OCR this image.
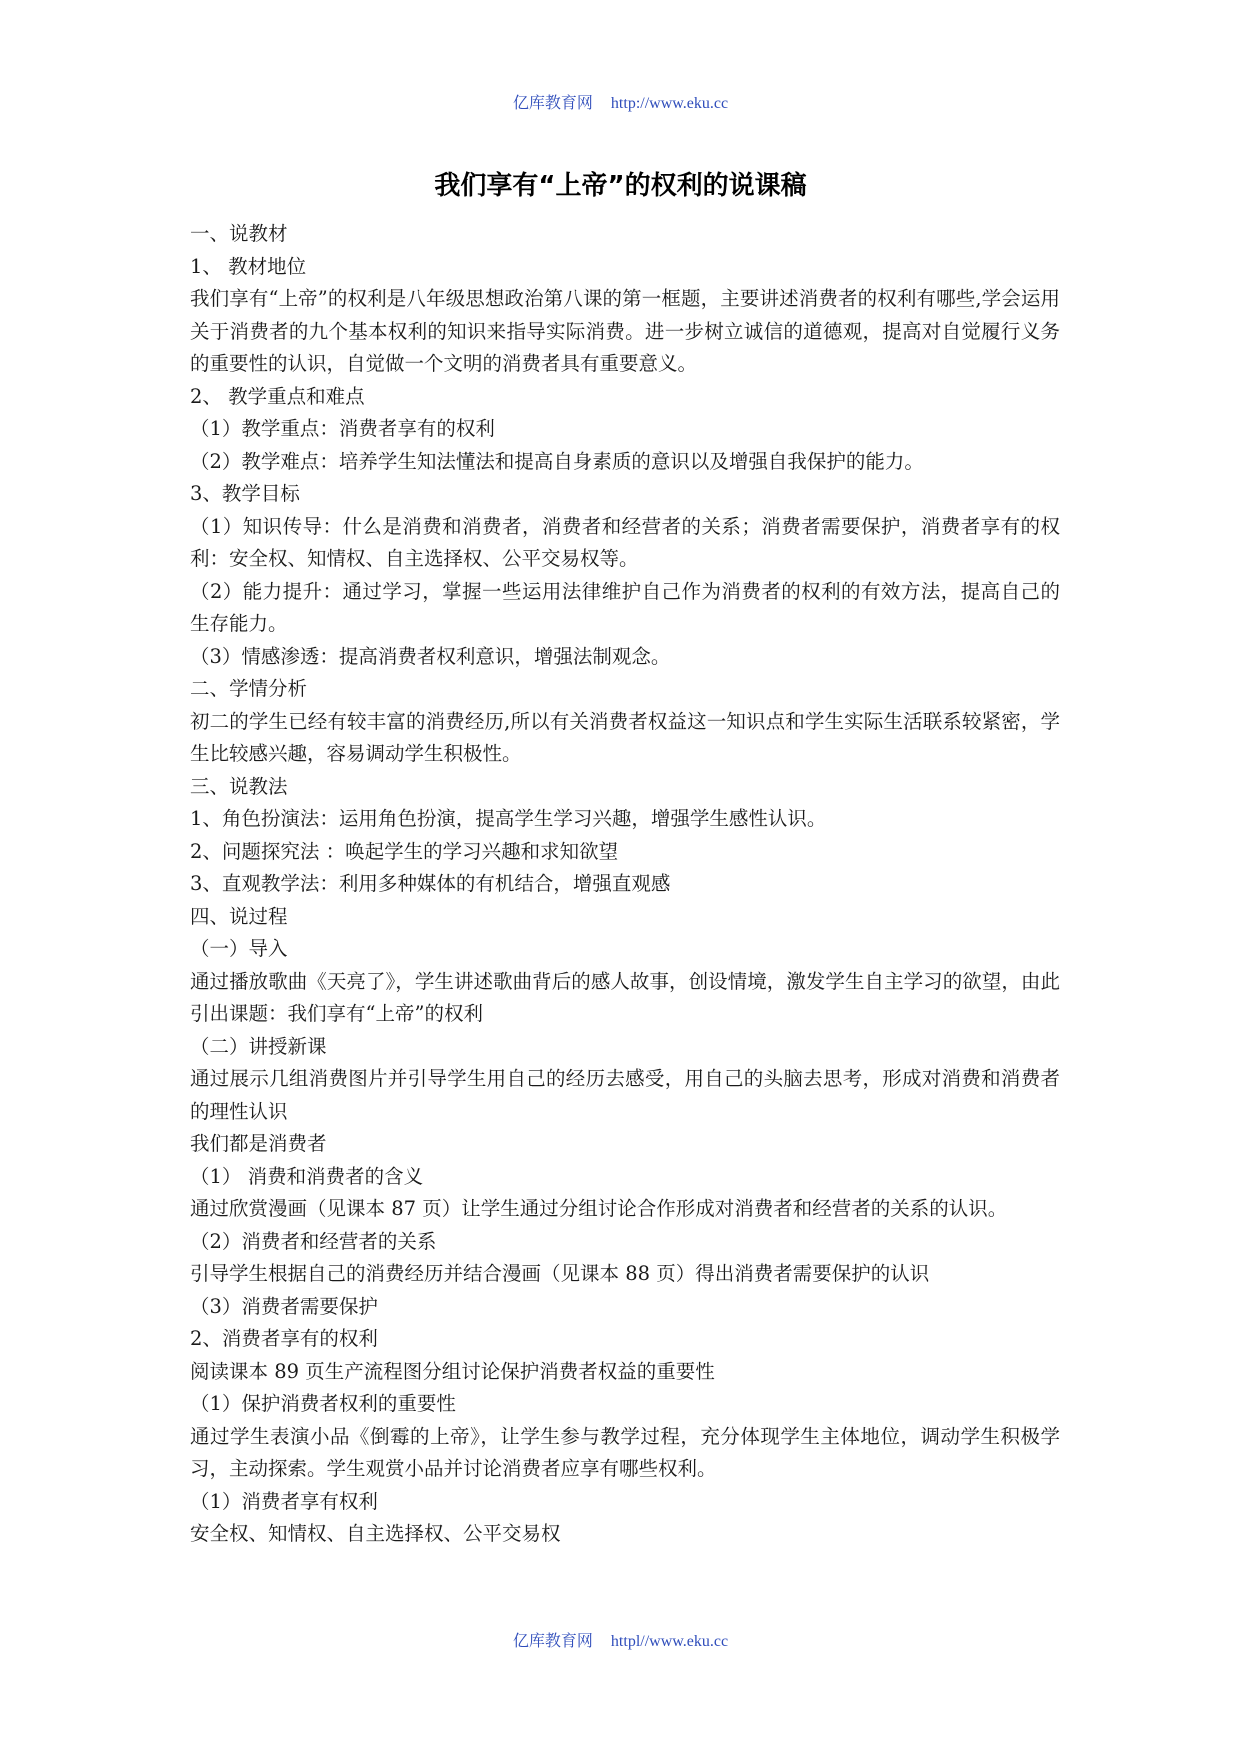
亿库教育网 http://www.eku.cc
我们享有“上帝”的权利的说课稿

一、说教材

1、 教材地位

我们享有“上帝”的权利是八年级思想政治第八课的第一框题，主要讲述消费者的权利有哪些,学会运用关于消费者的九个基本权利的知识来指导实际消费。进一步树立诚信的道德观，提高对自觉履行义务的重要性的认识，自觉做一个文明的消费者具有重要意义。

2、 教学重点和难点

（1）教学重点：消费者享有的权利

（2）教学难点：培养学生知法懂法和提高自身素质的意识以及增强自我保护的能力。

3、教学目标

（1）知识传导：什么是消费和消费者，消费者和经营者的关系；消费者需要保护，消费者享有的权利：安全权、知情权、自主选择权、公平交易权等。

（2）能力提升：通过学习，掌握一些运用法律维护自己作为消费者的权利的有效方法，提高自己的生存能力。

（3）情感渗透：提高消费者权利意识，增强法制观念。

二、学情分析

初二的学生已经有较丰富的消费经历,所以有关消费者权益这一知识点和学生实际生活联系较紧密，学生比较感兴趣，容易调动学生积极性。

三、说教法

1、角色扮演法：运用角色扮演，提高学生学习兴趣，增强学生感性认识。

2、问题探究法 ：唤起学生的学习兴趣和求知欲望

3、直观教学法：利用多种媒体的有机结合，增强直观感

四、说过程

（一）导入

通过播放歌曲《天亮了》，学生讲述歌曲背后的感人故事，创设情境，激发学生自主学习的欲望，由此引出课题：我们享有“上帝”的权利

（二）讲授新课

通过展示几组消费图片并引导学生用自己的经历去感受，用自己的头脑去思考，形成对消费和消费者的理性认识

我们都是消费者

（1） 消费和消费者的含义

通过欣赏漫画（见课本 87 页）让学生通过分组讨论合作形成对消费者和经营者的关系的认识。

（2）消费者和经营者的关系

引导学生根据自己的消费经历并结合漫画（见课本 88 页）得出消费者需要保护的认识

（3）消费者需要保护

2、消费者享有的权利

阅读课本 89 页生产流程图分组讨论保护消费者权益的重要性

（1）保护消费者权利的重要性

通过学生表演小品《倒霉的上帝》，让学生参与教学过程，充分体现学生主体地位，调动学生积极学习，主动探索。学生观赏小品并讨论消费者应享有哪些权利。

（1）消费者享有权利

安全权、知情权、自主选择权、公平交易权

亿库教育网 httpl//www.eku.cc
